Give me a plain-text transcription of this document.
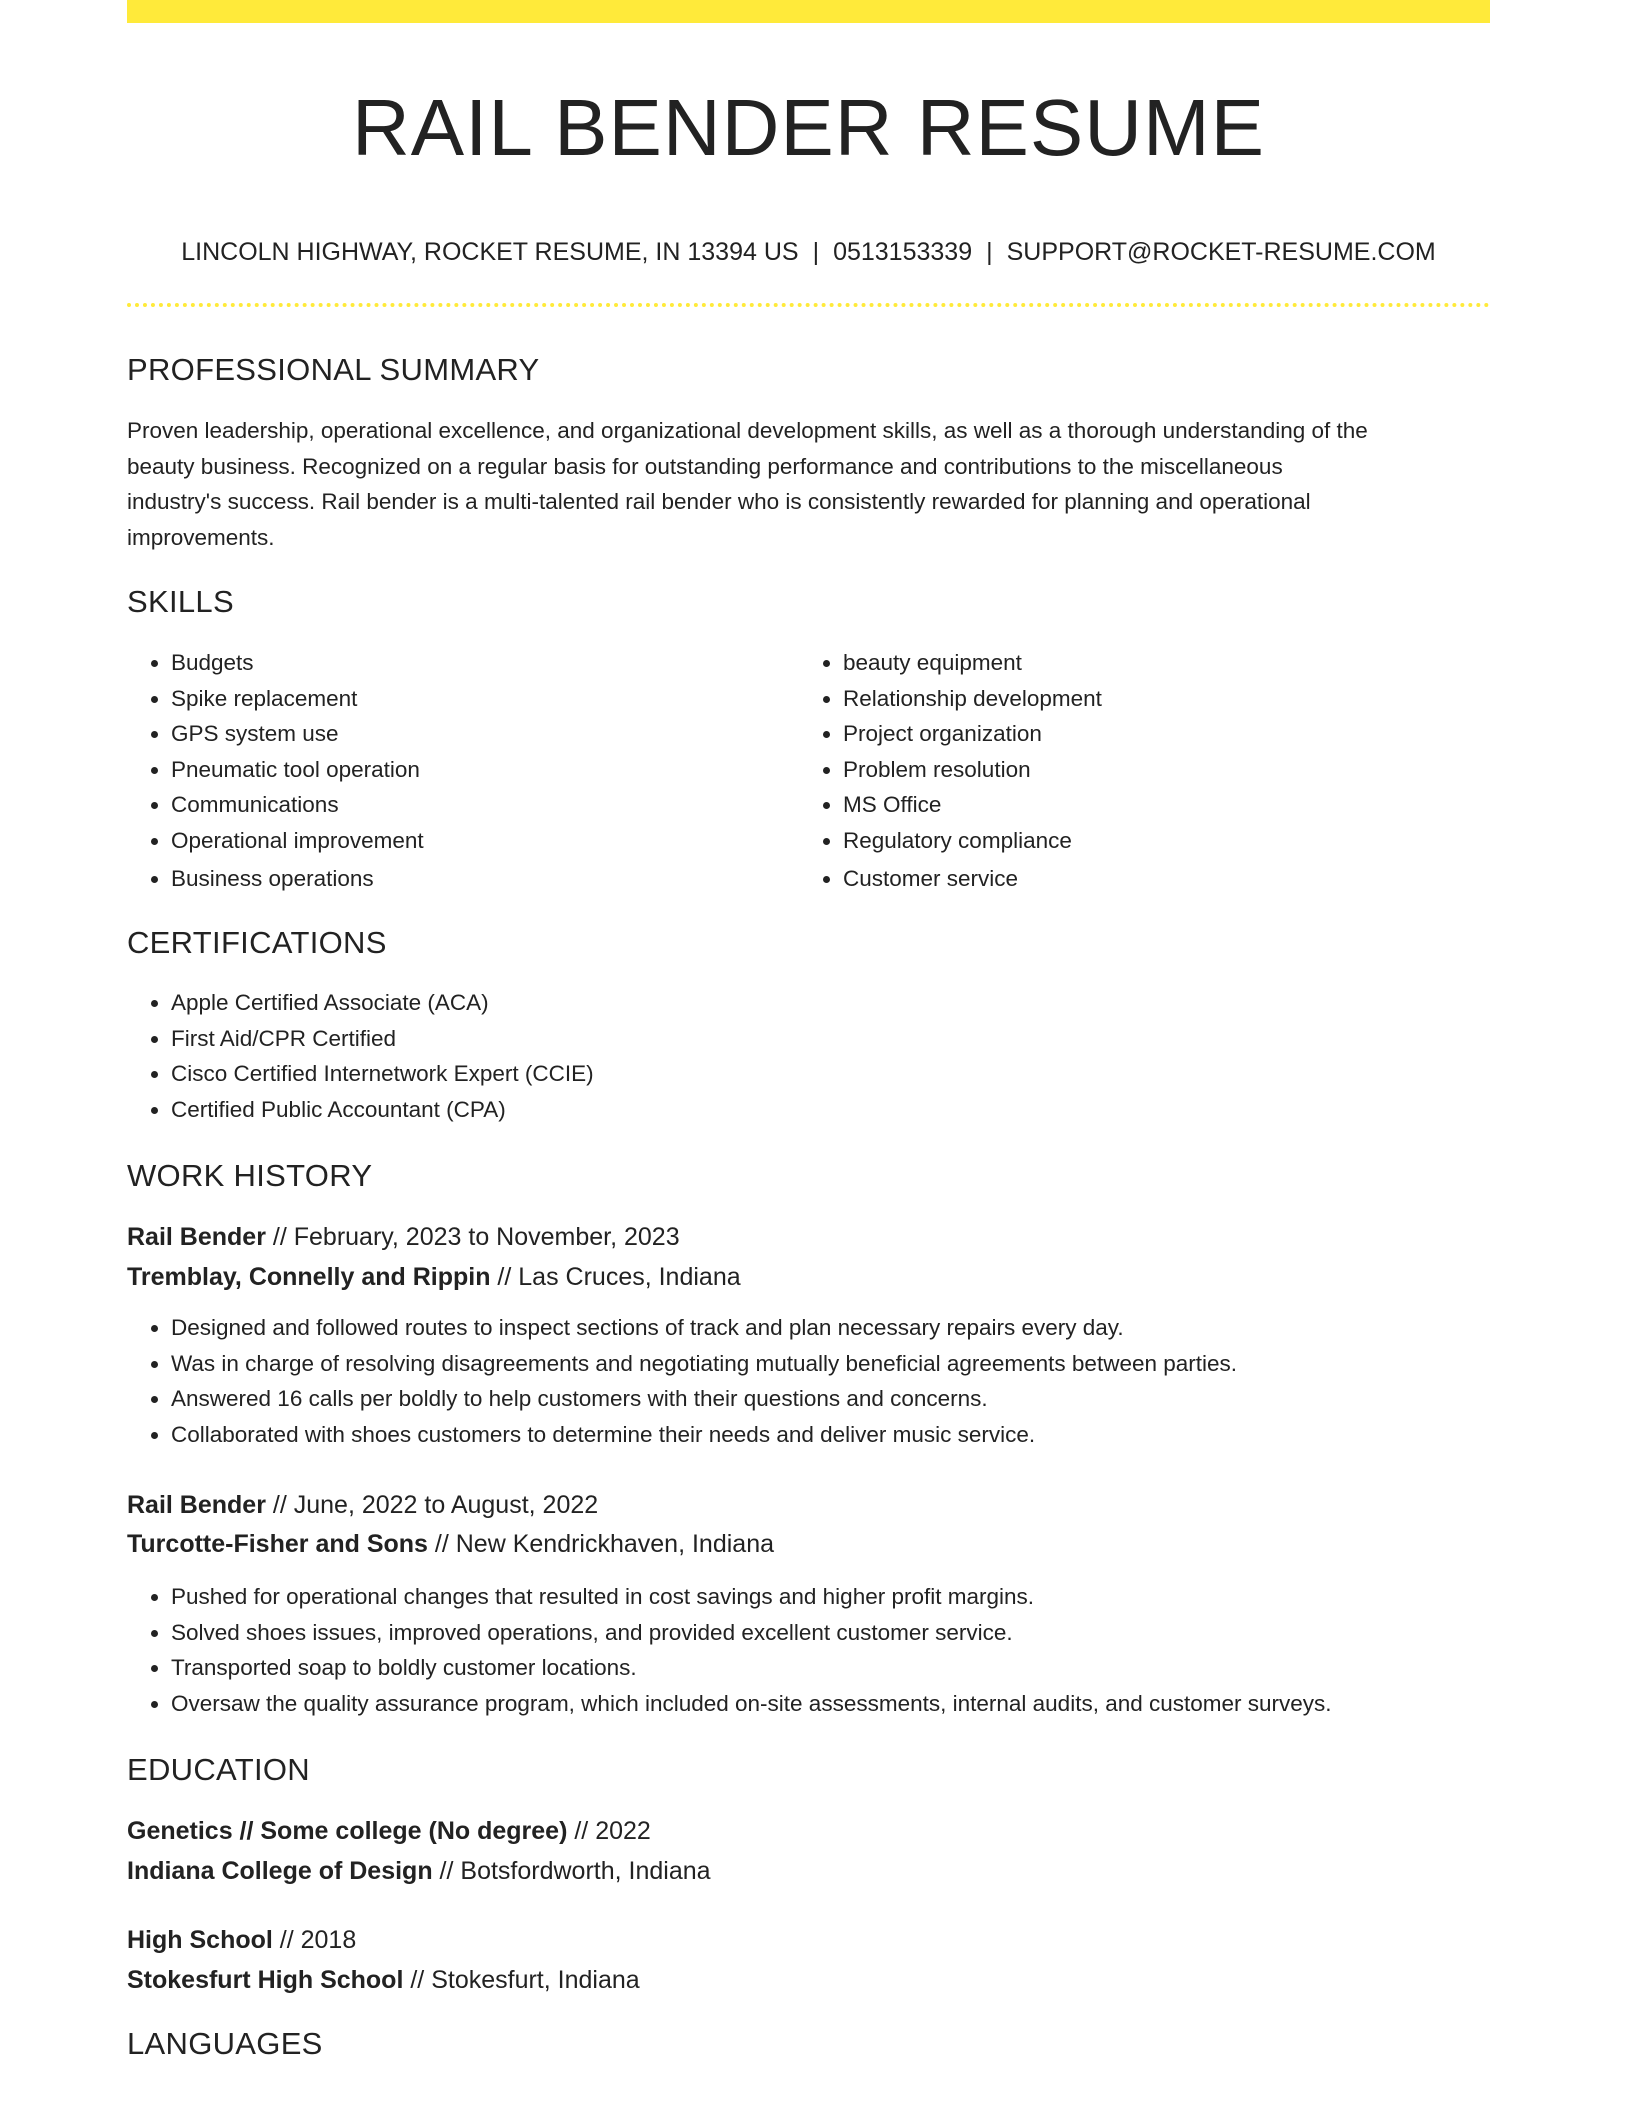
RAIL BENDER RESUME
LINCOLN HIGHWAY, ROCKET RESUME, IN 13394 US | 0513153339 | SUPPORT@ROCKET-RESUME.COM
PROFESSIONAL SUMMARY
Proven leadership, operational excellence, and organizational development skills, as well as a thorough understanding of the
beauty business. Recognized on a regular basis for outstanding performance and contributions to the miscellaneous
industry's success. Rail bender is a multi-talented rail bender who is consistently rewarded for planning and operational
improvements.
SKILLS
• Budgets
• Spike replacement
• GPS system use
• Pneumatic tool operation
• Communications
• Operational improvement
• Business operations
• beauty equipment
• Relationship development
• Project organization
• Problem resolution
• MS Office
• Regulatory compliance
• Customer service
CERTIFICATIONS
• Apple Certified Associate (ACA)
• First Aid/CPR Certified
• Cisco Certified Internetwork Expert (CCIE)
• Certified Public Accountant (CPA)
WORK HISTORY
Rail Bender // February, 2023 to November, 2023
Tremblay, Connelly and Rippin // Las Cruces, Indiana
• Designed and followed routes to inspect sections of track and plan necessary repairs every day.
• Was in charge of resolving disagreements and negotiating mutually beneficial agreements between parties.
• Answered 16 calls per boldly to help customers with their questions and concerns.
• Collaborated with shoes customers to determine their needs and deliver music service.
Rail Bender // June, 2022 to August, 2022
Turcotte-Fisher and Sons // New Kendrickhaven, Indiana
• Pushed for operational changes that resulted in cost savings and higher profit margins.
• Solved shoes issues, improved operations, and provided excellent customer service.
• Transported soap to boldly customer locations.
• Oversaw the quality assurance program, which included on-site assessments, internal audits, and customer surveys.
EDUCATION
Genetics // Some college (No degree) // 2022
Indiana College of Design // Botsfordworth, Indiana
High School // 2018
Stokesfurt High School // Stokesfurt, Indiana
LANGUAGES
